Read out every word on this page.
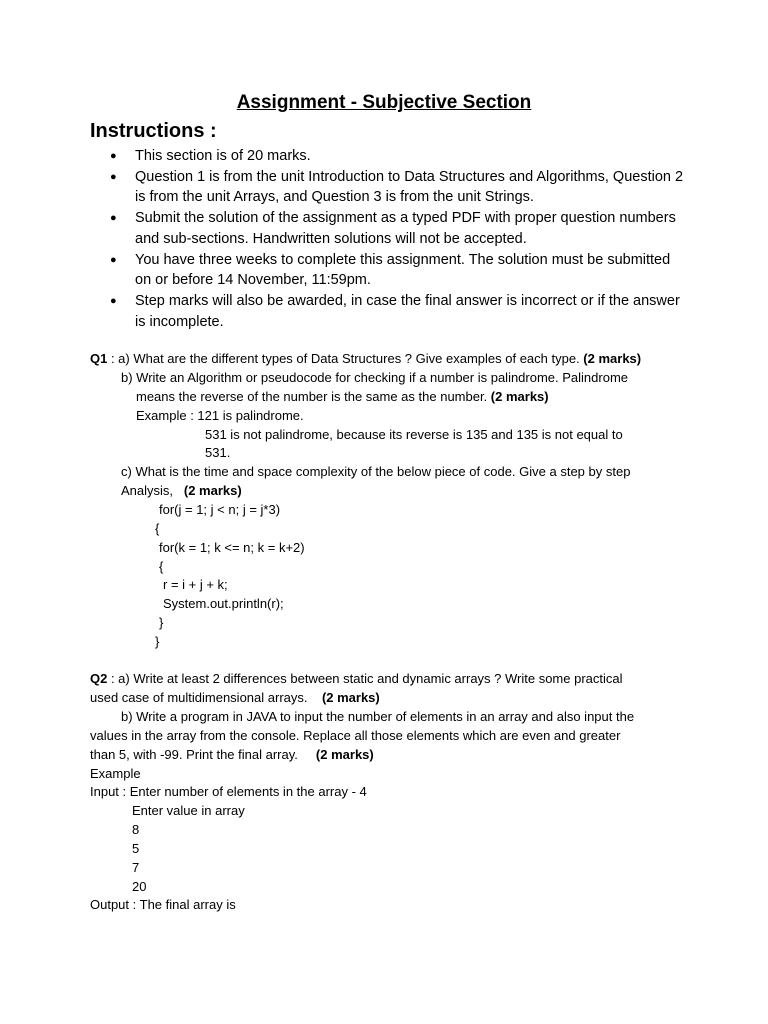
Assignment - Subjective Section
Instructions :
● This section is of 20 marks.
● Question 1 is from the unit Introduction to Data Structures and Algorithms, Question 2 is from the unit Arrays, and Question 3 is from the unit Strings.
● Submit the solution of the assignment as a typed PDF with proper question numbers and sub-sections. Handwritten solutions will not be accepted.
● You have three weeks to complete this assignment. The solution must be submitted on or before 14 November, 11:59pm.
● Step marks will also be awarded, in case the final answer is incorrect or if the answer is incomplete.
Q1 : a) What are the different types of Data Structures ? Give examples of each type. (2 marks)
b) Write an Algorithm or pseudocode for checking if a number is palindrome. Palindrome
means the reverse of the number is the same as the number. (2 marks)
Example : 121 is palindrome.
531 is not palindrome, because its reverse is 135 and 135 is not equal to
531.
c) What is the time and space complexity of the below piece of code. Give a step by step
Analysis,   (2 marks)
for(j = 1; j < n; j = j*3)
{
for(k = 1; k <= n; k = k+2)
{
r = i + j + k;
System.out.println(r);
}
}
Q2 : a) Write at least 2 differences between static and dynamic arrays ? Write some practical
used case of multidimensional arrays.    (2 marks)
b) Write a program in JAVA to input the number of elements in an array and also input the
values in the array from the console. Replace all those elements which are even and greater
than 5, with -99. Print the final array.     (2 marks)
Example
Input : Enter number of elements in the array - 4
Enter value in array
8
5
7
20
Output : The final array is
